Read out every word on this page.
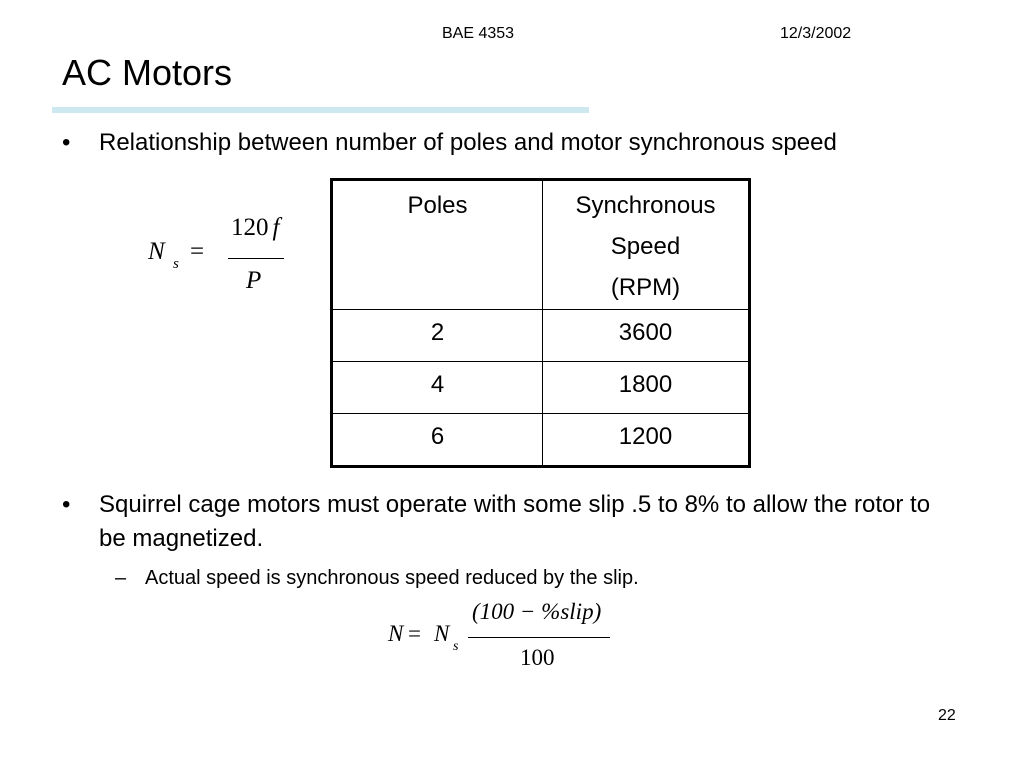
BAE 4353	12/3/2002
AC Motors
• Relationship between number of poles and motor synchronous speed
N s =
120 f
P
Poles	Synchronous
Speed
(RPM)

2	3600
4	1800
6	1200
• Squirrel cage motors must operate with some slip .5 to 8% to allow the rotor to be magnetized.
– Actual speed is synchronous speed reduced by the slip.
N = N
s
(100 − %slip)
100
22
